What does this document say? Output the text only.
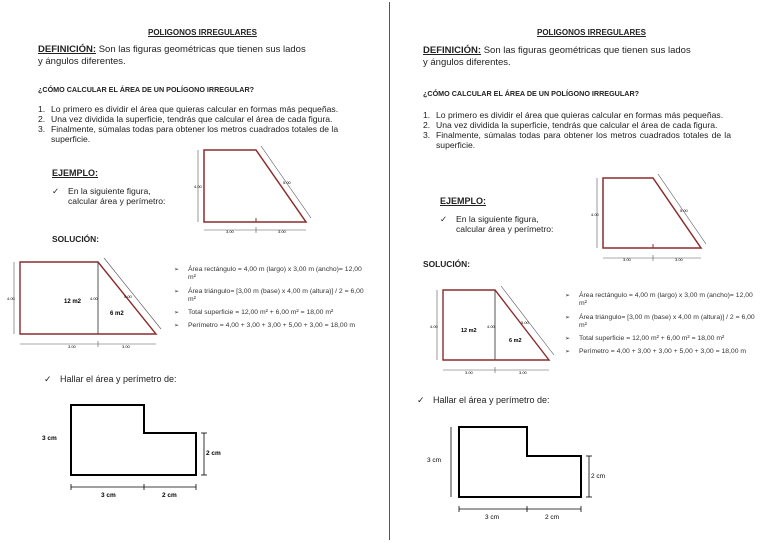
POLIGONOS IRREGULARES
DEFINICIÓN: Son las figuras geométricas que tienen sus lados
y ángulos diferentes.
¿CÓMO CALCULAR EL ÁREA DE UN POLÍGONO IRREGULAR?
1. Lo primero es dividir el área que quieras calcular en formas más pequeñas.
2. Una vez dividida la superficie, tendrás que calcular el área de cada figura.
3. Finalmente, súmalas todas para obtener los metros cuadrados totales de la superficie.
EJEMPLO:
✓ En la siguiente figura,
calcular área y perímetro:
4.00
5.00
3.00	3.00
SOLUCIÓN:
4.00	4.00	5.00
12 m2
6 m2
3.00	3.00
➢	Área rectángulo = 4,00 m (largo) x 3,00 m (ancho)= 12,00 m²
➢	Área triángulo= [3,00 m (base) x 4,00 m (altura)] / 2 = 6,00 m²
➢	Total superficie = 12,00 m² + 6,00 m² = 18,00 m²
➢	Perímetro = 4,00 + 3,00 + 3,00 + 5,00 + 3,00 = 18,00 m
✓ Hallar el área y perímetro de:
3 cm
2 cm
3 cm	2 cm
POLIGONOS IRREGULARES
DEFINICIÓN: Son las figuras geométricas que tienen sus lados
y ángulos diferentes.
¿CÓMO CALCULAR EL ÁREA DE UN POLÍGONO IRREGULAR?
1. Lo primero es dividir el área que quieras calcular en formas más pequeñas.
2. Una vez dividida la superficie, tendrás que calcular el área de cada figura.
3. Finalmente, súmalas todas para obtener los metros cuadrados totales de la superficie.
EJEMPLO:
✓ En la siguiente figura,
calcular área y perímetro:
4.00
5.00
3.00	3.00
SOLUCIÓN:
4.00	4.00
5.00
12 m2
6 m2
3.00	3.00
➢	Área rectángulo = 4,00 m (largo) x 3,00 m (ancho)= 12,00 m²
➢	Área triángulo= [3,00 m (base) x 4,00 m (altura)] / 2 = 6,00 m²
➢	Total superficie = 12,00 m² + 6,00 m² = 18,00 m²
➢	Perímetro = 4,00 + 3,00 + 3,00 + 5,00 + 3,00 = 18,00 m
✓ Hallar el área y perímetro de:
3 cm
2 cm
3 cm	2 cm
